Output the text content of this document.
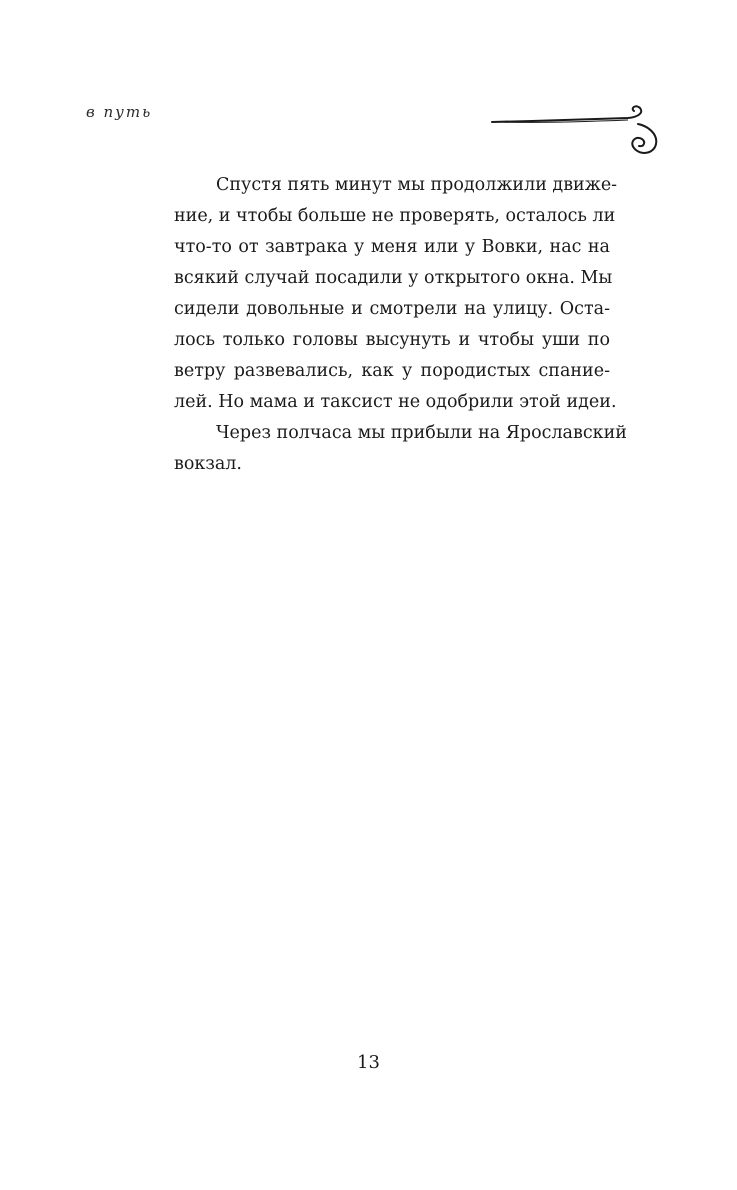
в путь
Спустя пять минут мы продолжили движе-
ние, и чтобы больше не проверять, осталось ли
что-то от завтрака у меня или у Вовки, нас на
всякий случай посадили у открытого окна. Мы
сидели довольные и смотрели на улицу. Оста-
лось только головы высунуть и чтобы уши по
ветру развевались, как у породистых спание-
лей. Но мама и таксист не одобрили этой идеи.
Через полчаса мы прибыли на Ярославский
вокзал.
13
